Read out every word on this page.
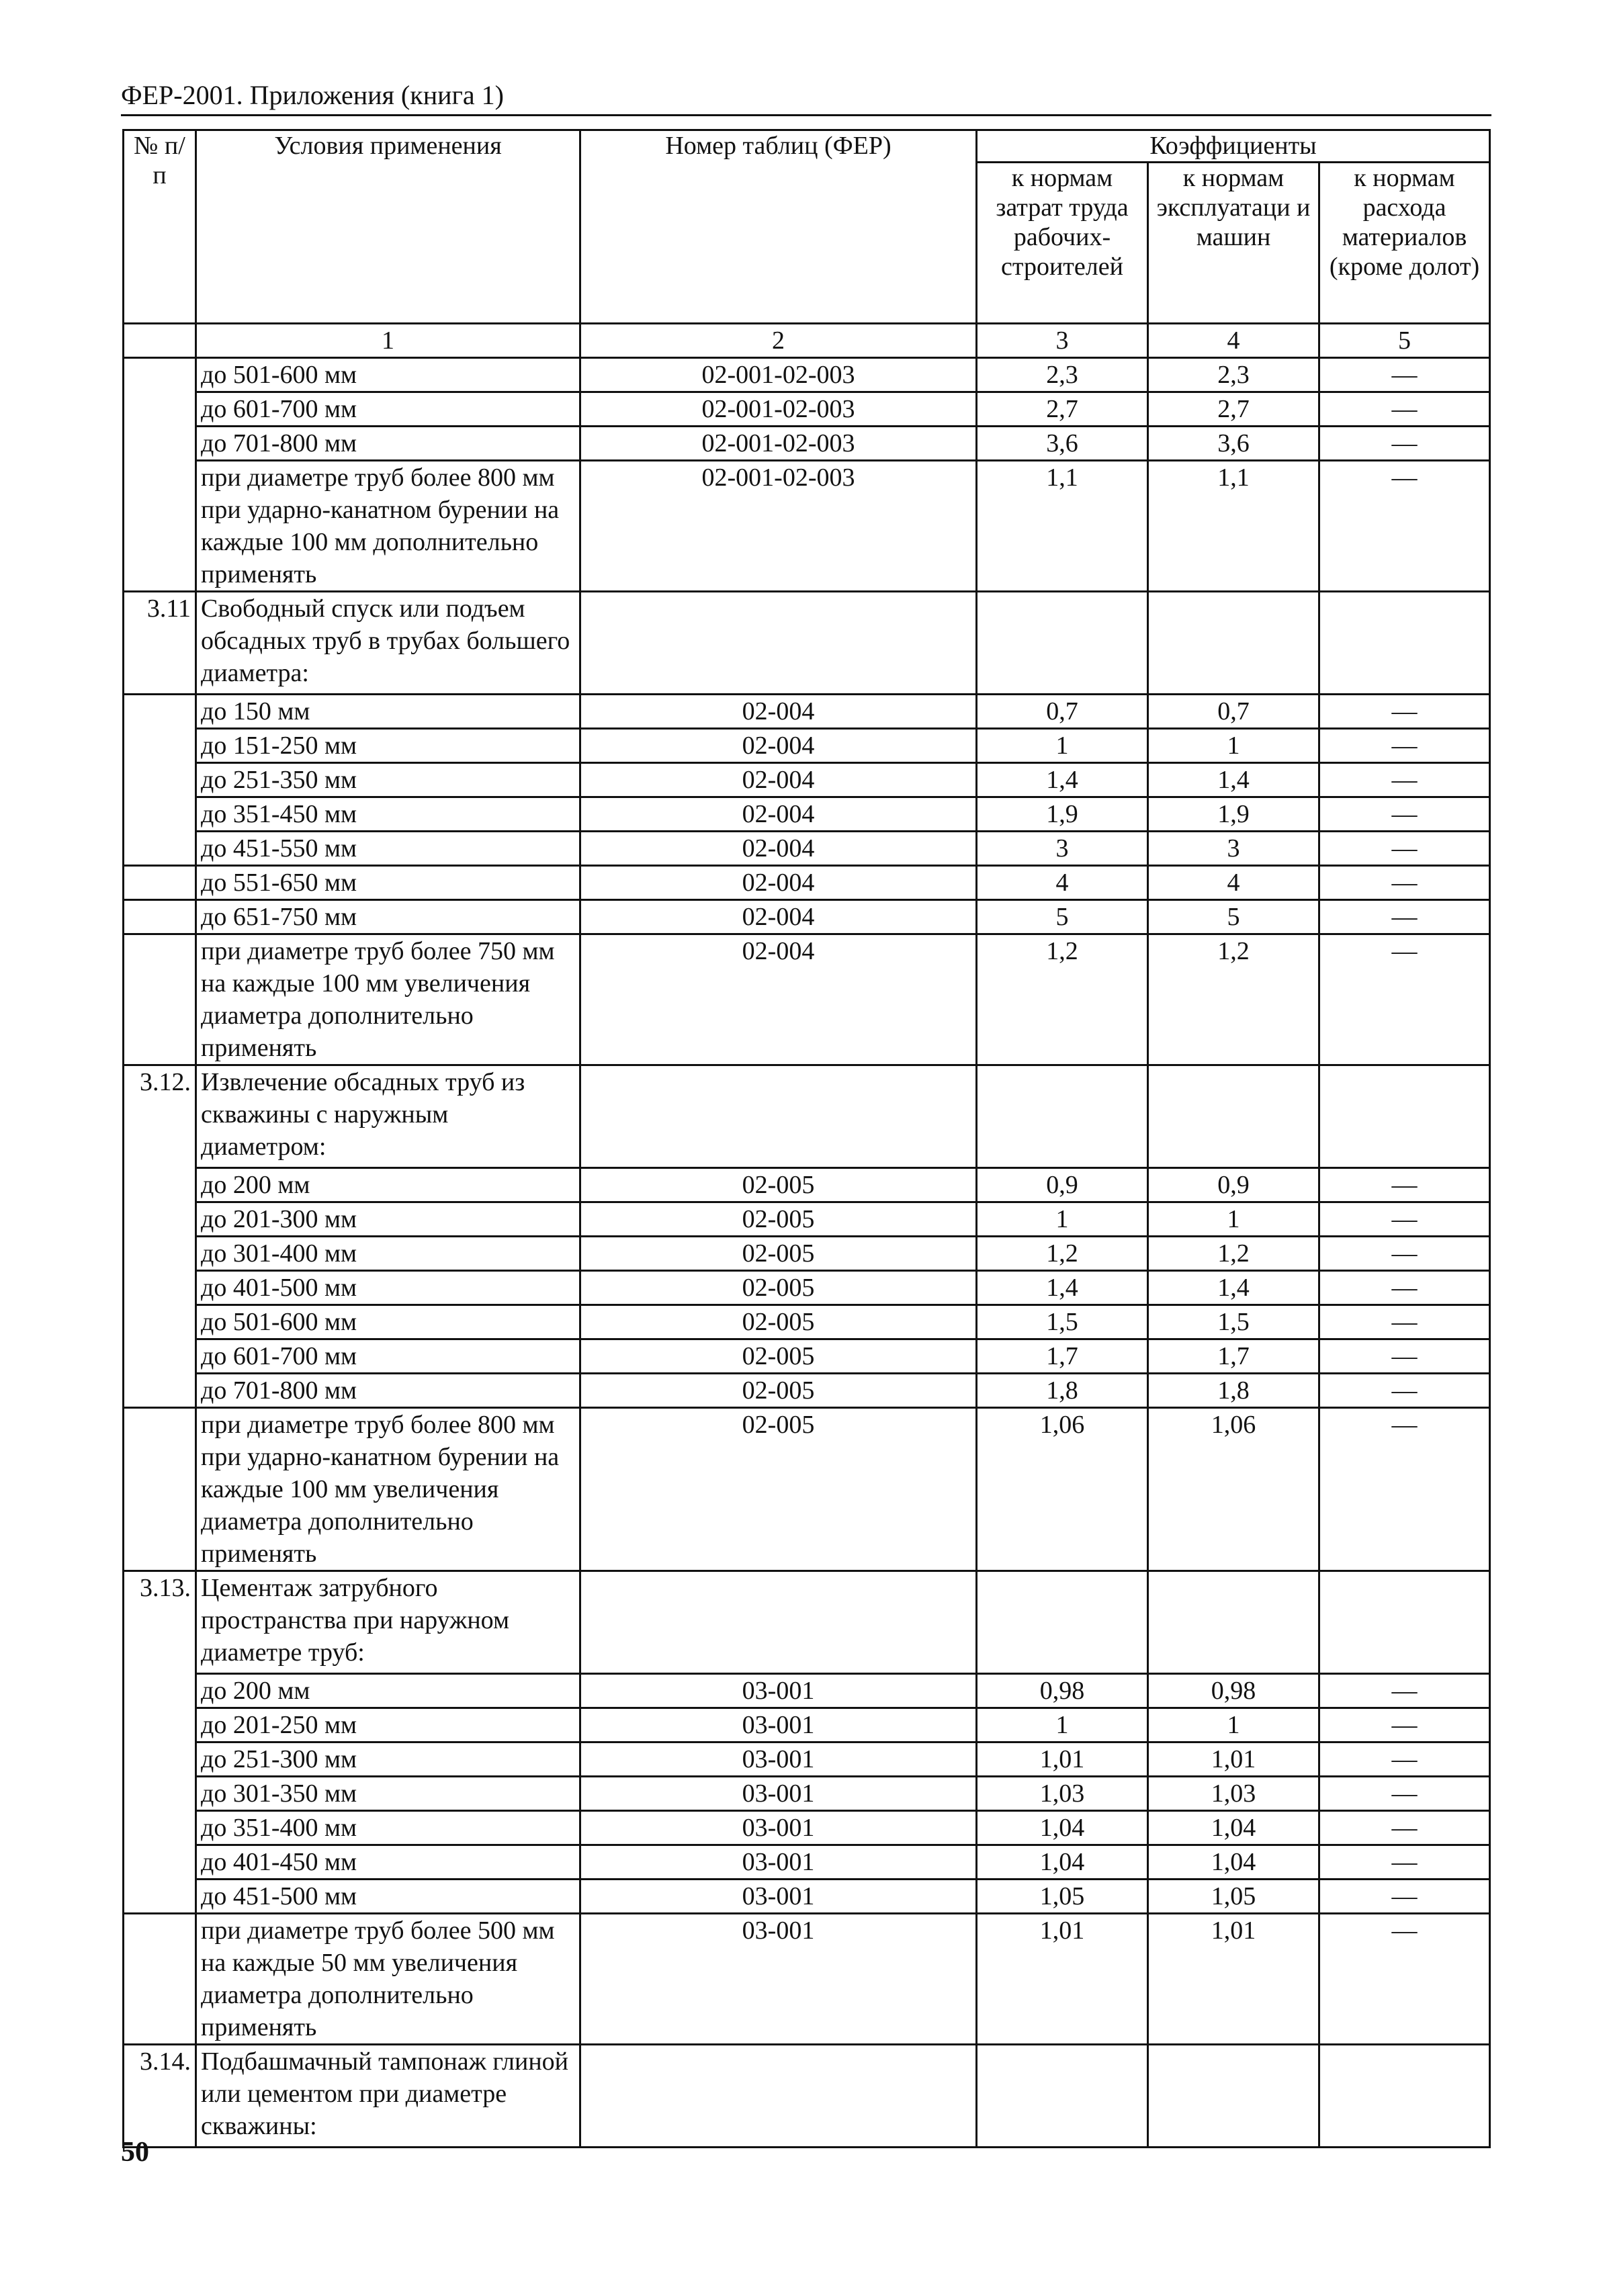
ФЕР-2001. Приложения (книга 1)
№ п/п	Условия применения	Номер таблиц (ФЕР)	Коэффициенты		
			к нормам затрат труда рабочих-строителей	к нормам эксплуатаци и машин	к нормам расхода материалов (кроме долот)
	1	2	3	4	5
	до 501-600 мм	02-001-02-003	2,3	2,3	—
	до 601-700 мм	02-001-02-003	2,7	2,7	—
	до 701-800 мм	02-001-02-003	3,6	3,6	—
	при диаметре труб более 800 мм при ударно-канатном бурении на каждые 100 мм дополнительно применять	02-001-02-003	1,1	1,1	—
3.11	Свободный спуск или подъем обсадных труб в трубах большего диаметра:				
	до 150 мм	02-004	0,7	0,7	—
	до 151-250 мм	02-004	1	1	—
	до 251-350 мм	02-004	1,4	1,4	—
	до 351-450 мм	02-004	1,9	1,9	—
	до 451-550 мм	02-004	3	3	—
	до 551-650 мм	02-004	4	4	—
	до 651-750 мм	02-004	5	5	—
	при диаметре труб более 750 мм на каждые 100 мм увеличения диаметра дополнительно применять	02-004	1,2	1,2	—
3.12.	Извлечение обсадных труб из скважины с наружным диаметром:				
	до 200 мм	02-005	0,9	0,9	—
	до 201-300 мм	02-005	1	1	—
	до 301-400 мм	02-005	1,2	1,2	—
	до 401-500 мм	02-005	1,4	1,4	—
	до 501-600 мм	02-005	1,5	1,5	—
	до 601-700 мм	02-005	1,7	1,7	—
	до 701-800 мм	02-005	1,8	1,8	—
	при диаметре труб более 800 мм при ударно-канатном бурении на каждые 100 мм увеличения диаметра дополнительно применять	02-005	1,06	1,06	—
3.13.	Цементаж затрубного пространства при наружном диаметре труб:				
	до 200 мм	03-001	0,98	0,98	—
	до 201-250 мм	03-001	1	1	—
	до 251-300 мм	03-001	1,01	1,01	—
	до 301-350 мм	03-001	1,03	1,03	—
	до 351-400 мм	03-001	1,04	1,04	—
	до 401-450 мм	03-001	1,04	1,04	—
	до 451-500 мм	03-001	1,05	1,05	—
	при диаметре труб более 500 мм на каждые 50 мм увеличения диаметра дополнительно применять	03-001	1,01	1,01	—
3.14.	Подбашмачный тампонаж глиной или цементом при диаметре скважины:				
50
